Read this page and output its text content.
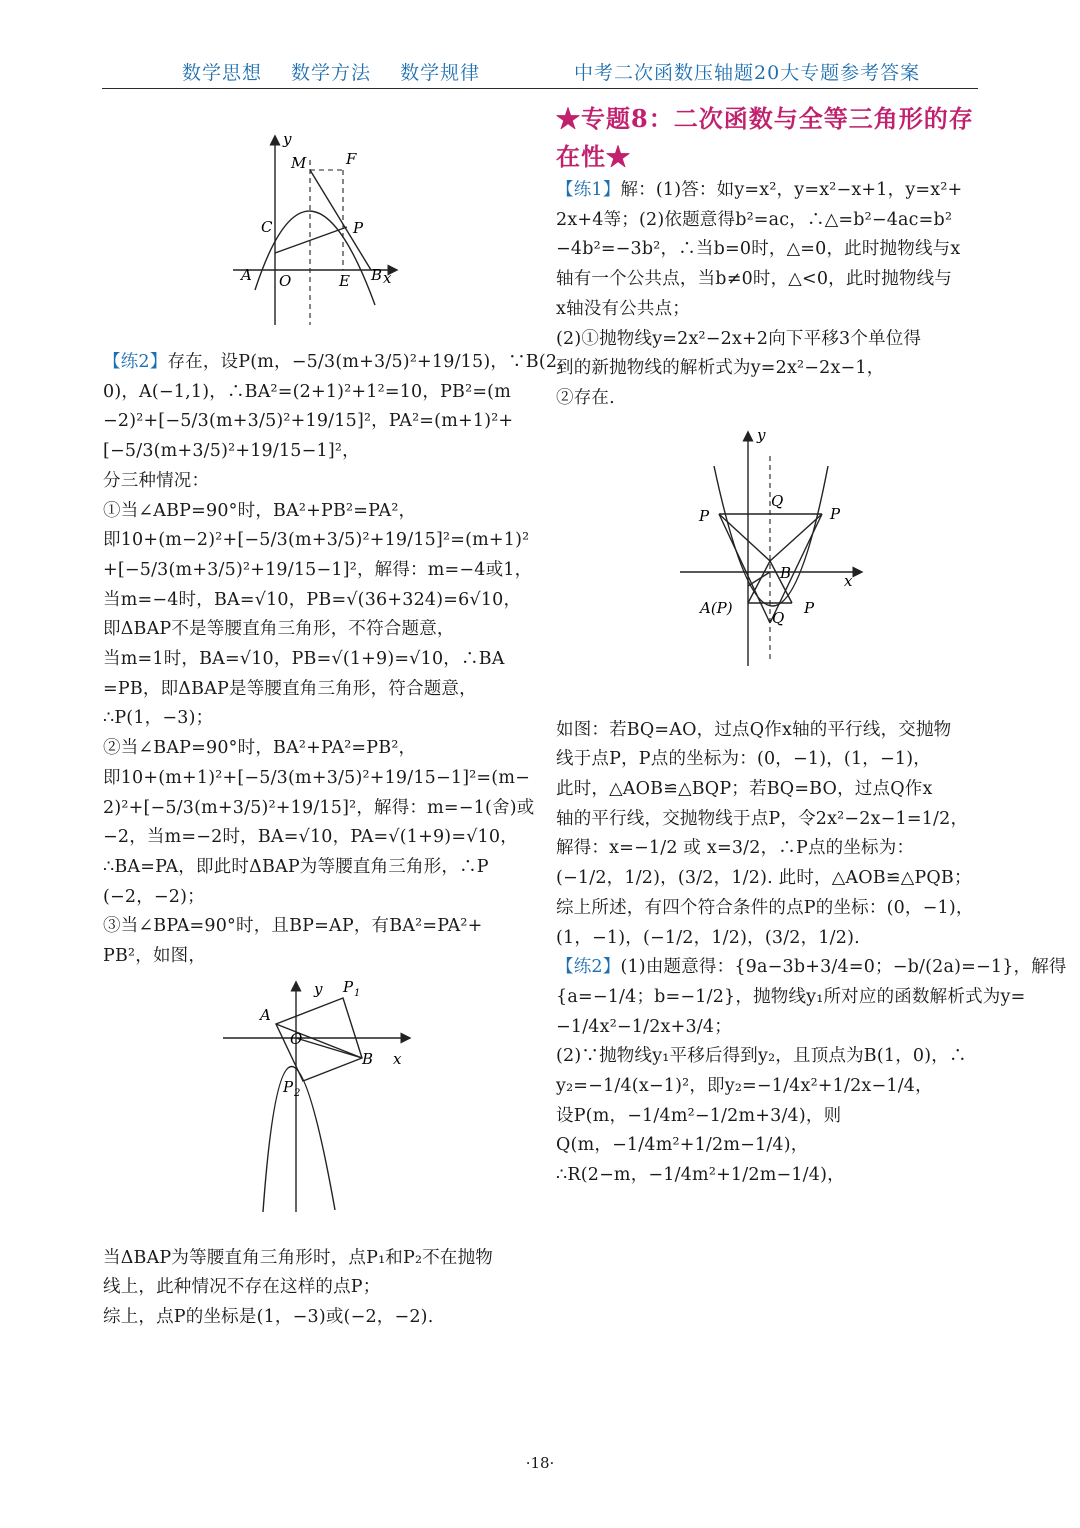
数学思想 数学方法 数学规律	中考二次函数压轴题20大专题参考答案
y
M	F
C	P
A O	E B x
【练2】存在，设P(m，−5/3(m+3/5)²+19/15)，∵B(2,
0)，A(−1,1)，∴BA²=(2+1)²+1²=10，PB²=(m
−2)²+[−5/3(m+3/5)²+19/15]²，PA²=(m+1)²+
[−5/3(m+3/5)²+19/15−1]²，
分三种情况：
①当∠ABP=90°时，BA²+PB²=PA²，
即10+(m−2)²+[−5/3(m+3/5)²+19/15]²=(m+1)²
+[−5/3(m+3/5)²+19/15−1]²，解得：m=−4或1，
当m=−4时，BA=√10，PB=√(36+324)=6√10，
即ΔBAP不是等腰直角三角形，不符合题意，
当m=1时，BA=√10，PB=√(1+9)=√10，∴BA
=PB，即ΔBAP是等腰直角三角形，符合题意，
∴P(1，−3)；
②当∠BAP=90°时，BA²+PA²=PB²，
即10+(m+1)²+[−5/3(m+3/5)²+19/15−1]²=(m−
2)²+[−5/3(m+3/5)²+19/15]²，解得：m=−1(舍)或
−2，当m=−2时，BA=√10，PA=√(1+9)=√10，
∴BA=PA，即此时ΔBAP为等腰直角三角形，∴P
(−2，−2)；
③当∠BPA=90°时，且BP=AP，有BA²=PA²+
PB²，如图，
y P 1
A
O
B x
P 2
当ΔBAP为等腰直角三角形时，点P₁和P₂不在抛物
线上，此种情况不存在这样的点P；
综上，点P的坐标是(1，−3)或(−2，−2).
★专题8：二次函数与全等三角形的存
在性★
【练1】解：(1)答：如y=x²，y=x²−x+1，y=x²+
2x+4等；(2)依题意得b²=ac，∴△=b²−4ac=b²
−4b²=−3b²，∴当b=0时，△=0，此时抛物线与x
轴有一个公共点，当b≠0时，△<0，此时抛物线与
x轴没有公共点；
(2)①抛物线y=2x²−2x+2向下平移3个单位得
到的新抛物线的解析式为y=2x²−2x−1，
②存在.
y
Q
P	P
B	x
A(P)
Q
P
如图：若BQ=AO，过点Q作x轴的平行线，交抛物
线于点P，P点的坐标为：(0，−1)，(1，−1)，
此时，△AOB≌△BQP；若BQ=BO，过点Q作x
轴的平行线，交抛物线于点P，令2x²−2x−1=1/2，
解得：x=−1/2 或 x=3/2，∴P点的坐标为：
(−1/2，1/2)，(3/2，1/2). 此时，△AOB≌△PQB；
综上所述，有四个符合条件的点P的坐标：(0，−1)，
(1，−1)，(−1/2，1/2)，(3/2，1/2).
【练2】(1)由题意得：{9a−3b+3/4=0；−b/(2a)=−1}，解得
{a=−1/4；b=−1/2}，抛物线y₁所对应的函数解析式为y=
−1/4x²−1/2x+3/4；
(2)∵抛物线y₁平移后得到y₂，且顶点为B(1，0)，∴
y₂=−1/4(x−1)²，即y₂=−1/4x²+1/2x−1/4，
设P(m，−1/4m²−1/2m+3/4)，则
Q(m，−1/4m²+1/2m−1/4)，
∴R(2−m，−1/4m²+1/2m−1/4)，
·18·
